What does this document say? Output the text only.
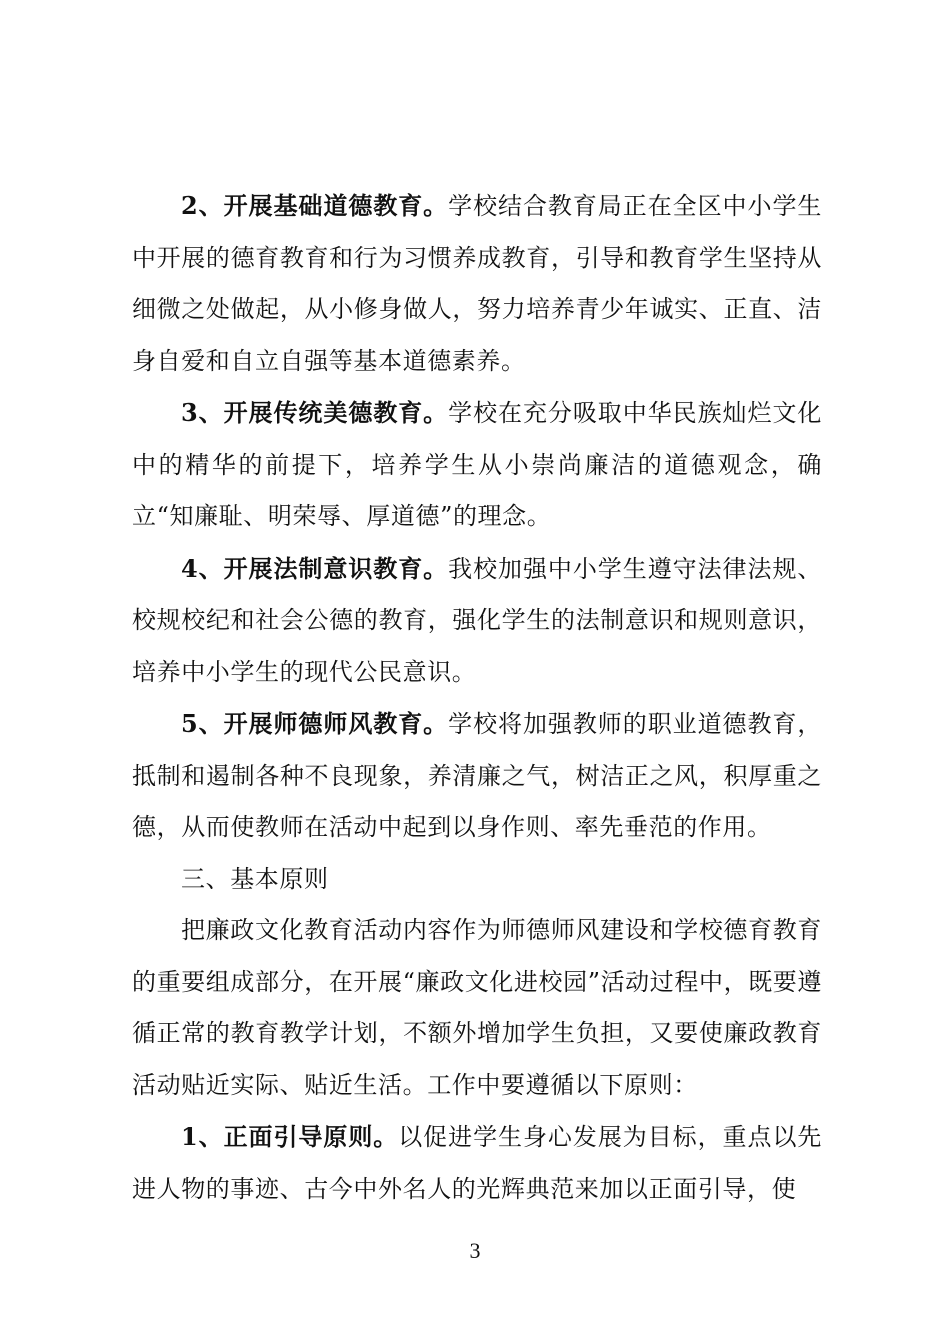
2、开展基础道德教育。学校结合教育局正在全区中小学生中开展的德育教育和行为习惯养成教育，引导和教育学生坚持从细微之处做起，从小修身做人，努力培养青少年诚实、正直、洁身自爱和自立自强等基本道德素养。

3、开展传统美德教育。学校在充分吸取中华民族灿烂文化中的精华的前提下，培养学生从小崇尚廉洁的道德观念，确立“知廉耻、明荣辱、厚道德”的理念。

4、开展法制意识教育。我校加强中小学生遵守法律法规、校规校纪和社会公德的教育，强化学生的法制意识和规则意识，培养中小学生的现代公民意识。

5、开展师德师风教育。学校将加强教师的职业道德教育，抵制和遏制各种不良现象，养清廉之气，树洁正之风，积厚重之德，从而使教师在活动中起到以身作则、率先垂范的作用。

三、基本原则

把廉政文化教育活动内容作为师德师风建设和学校德育教育的重要组成部分，在开展“廉政文化进校园”活动过程中，既要遵循正常的教育教学计划，不额外增加学生负担，又要使廉政教育活动贴近实际、贴近生活。工作中要遵循以下原则：

1、正面引导原则。以促进学生身心发展为目标，重点以先进人物的事迹、古今中外名人的光辉典范来加以正面引导，使

3
